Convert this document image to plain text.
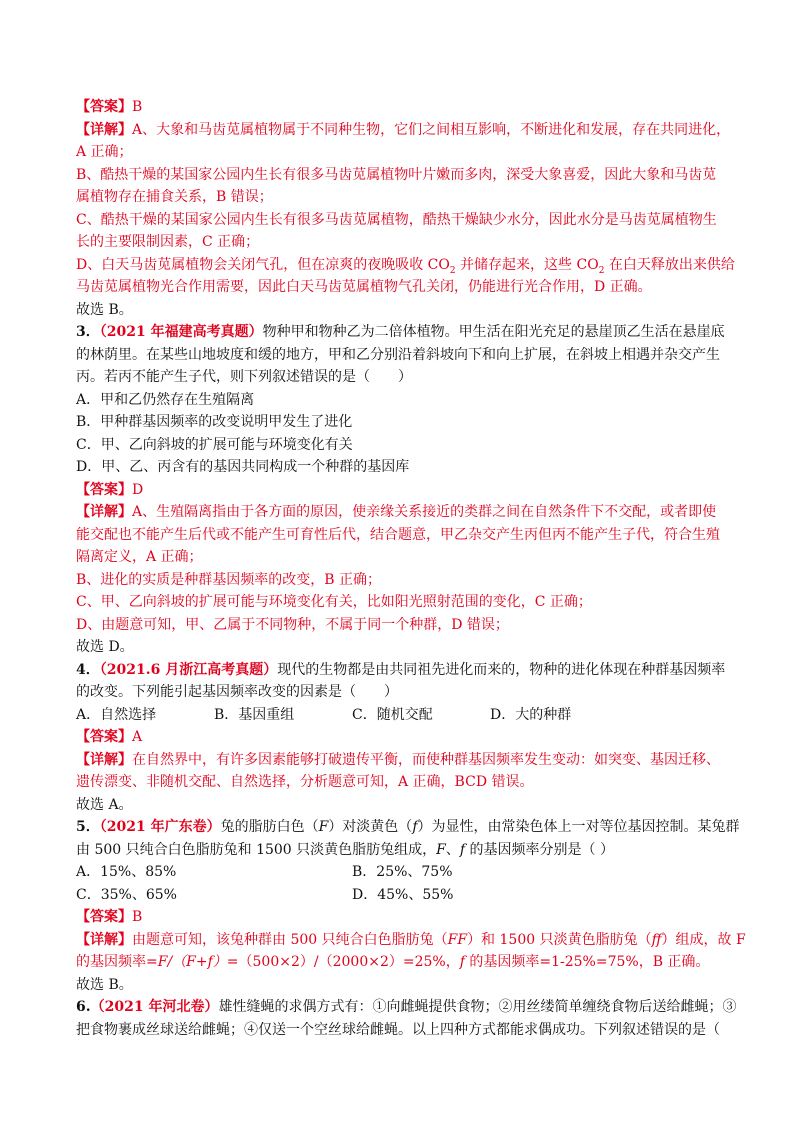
【答案】B
【详解】A、大象和马齿苋属植物属于不同种生物，它们之间相互影响，不断进化和发展，存在共同进化，
A 正确；
B、酷热干燥的某国家公园内生长有很多马齿苋属植物叶片嫩而多肉，深受大象喜爱，因此大象和马齿苋
属植物存在捕食关系，B 错误；
C、酷热干燥的某国家公园内生长有很多马齿苋属植物，酷热干燥缺少水分，因此水分是马齿苋属植物生
长的主要限制因素，C 正确；
D、白天马齿苋属植物会关闭气孔，但在凉爽的夜晚吸收 $CO_2$ 并储存起来，这些 $CO_2$ 在白天释放出来供给
马齿苋属植物光合作用需要，因此白天马齿苋属植物气孔关闭，仍能进行光合作用，D 正确。
故选 B。
3．（2021 年福建高考真题）物种甲和物种乙为二倍体植物。甲生活在阳光充足的悬崖顶乙生活在悬崖底
的林荫里。在某些山地坡度和缓的地方，甲和乙分别沿着斜坡向下和向上扩展，在斜坡上相遇并杂交产生
丙。若丙不能产生子代，则下列叙述错误的是（　　）
A．甲和乙仍然存在生殖隔离
B．甲种群基因频率的改变说明甲发生了进化
C．甲、乙向斜坡的扩展可能与环境变化有关
D．甲、乙、丙含有的基因共同构成一个种群的基因库
【答案】D
【详解】A、生殖隔离指由于各方面的原因，使亲缘关系接近的类群之间在自然条件下不交配，或者即使
能交配也不能产生后代或不能产生可育性后代，结合题意，甲乙杂交产生丙但丙不能产生子代，符合生殖
隔离定义，A 正确；
B、进化的实质是种群基因频率的改变，B 正确；
C、甲、乙向斜坡的扩展可能与环境变化有关，比如阳光照射范围的变化，C 正确；
D、由题意可知，甲、乙属于不同物种，不属于同一个种群，D 错误；
故选 D。
4．（2021.6 月浙江高考真题）现代的生物都是由共同祖先进化而来的，物种的进化体现在种群基因频率
的改变。下列能引起基因频率改变的因素是（　　）
A．自然选择	B．基因重组	C．随机交配	D．大的种群
【答案】A
【详解】在自然界中，有许多因素能够打破遗传平衡，而使种群基因频率发生变动：如突变、基因迁移、
遗传漂变、非随机交配、自然选择，分析题意可知，A 正确，BCD 错误。
故选 A。
5．（2021 年广东卷）兔的脂肪白色（F）对淡黄色（f）为显性，由常染色体上一对等位基因控制。某兔群
由 500 只纯合白色脂肪兔和 1500 只淡黄色脂肪兔组成，F、f 的基因频率分别是（ ）
A．15%、85%	B．25%、75%
C．35%、65%	D．45%、55%
【答案】B
【详解】由题意可知，该兔种群由 500 只纯合白色脂肪兔（FF）和 1500 只淡黄色脂肪兔（ff）组成，故 F
的基因频率=F/（F+f）=（500×2）/（2000×2）=25%，f 的基因频率=1-25%=75%，B 正确。
故选 B。
6.（2021 年河北卷）雄性缝蝇的求偶方式有：①向雌蝇提供食物；②用丝缕简单缠绕食物后送给雌蝇；③
把食物裹成丝球送给雌蝇；④仅送一个空丝球给雌蝇。以上四种方式都能求偶成功。下列叙述错误的是（
